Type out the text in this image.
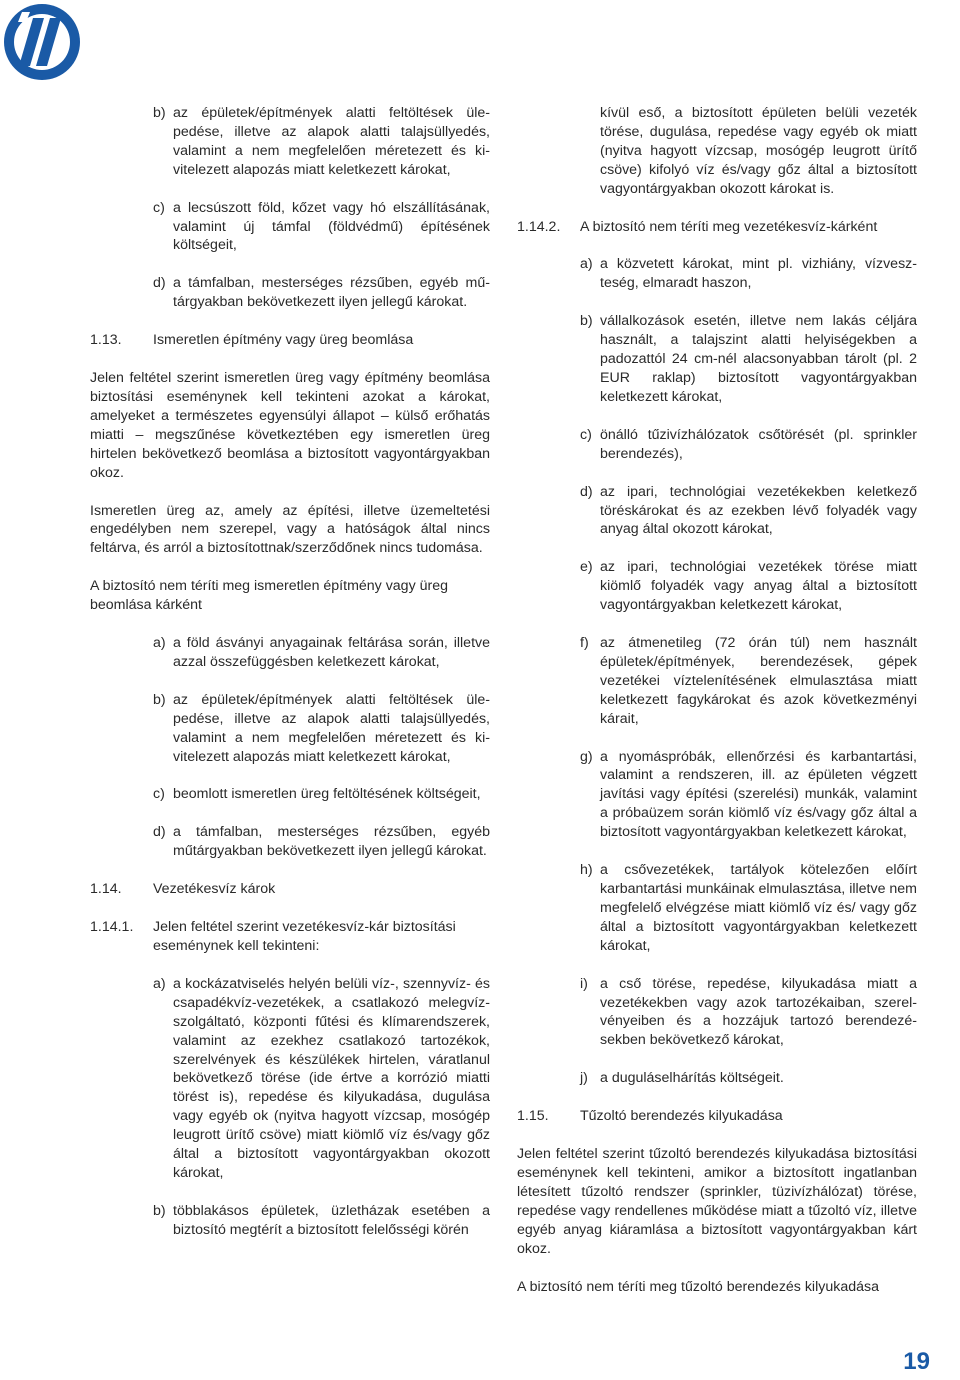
b) az épületek/építmények alatti feltöltések ülepedése, illetve az alapok alatti talajsüllyedés, valamint a nem megfelelően méretezett és kivitelezett alapozás miatt keletkezett károkat,
c) a lecsúszott föld, kőzet vagy hó elszállításának, valamint új támfal (földvédmű) építésének költségeit,
d) a támfalban, mesterséges rézsűben, egyéb műtárgyakban bekövetkezett ilyen jellegű károkat.
1.13.	Ismeretlen építmény vagy üreg beomlása

Jelen feltétel szerint ismeretlen üreg vagy építmény beomlása biztosítási eseménynek kell tekinteni azokat a károkat, amelyeket a természetes egyensúlyi állapot – külső erőhatás miatti – megszűnése következtében egy ismeretlen üreg hirtelen bekövetkező beomlása a biztosított vagyontárgyakban okoz.

Ismeretlen üreg az, amely az építési, illetve üzemeltetési engedélyben nem szerepel, vagy a hatóságok által nincs feltárva, és arról a biztosítottnak/szerződőnek nincs tudomása.

A biztosító nem téríti meg ismeretlen építmény vagy üreg beomlása kárként

a) a föld ásványi anyagainak feltárása során, illetve azzal összefüggésben keletkezett károkat,
b) az épületek/építmények alatti feltöltések ülepedése, illetve az alapok alatti talajsüllyedés, valamint a nem megfelelően méretezett és kivitelezett alapozás miatt keletkezett károkat,
c) beomlott ismeretlen üreg feltöltésének költségeit,
d) a támfalban, mesterséges rézsűben, egyéb műtárgyakban bekövetkezett ilyen jellegű károkat.
1.14.	Vezetékesvíz károk
1.14.1.	Jelen feltétel szerint vezetékesvíz-kár biztosítási eseménynek kell tekinteni:
a) a kockázatviselés helyén belüli víz-, szennyvíz- és csapadékvíz-vezetékek, a csatlakozó melegvíz-szolgáltató, központi fűtési és klímarendszerek, valamint az ezekhez csatlakozó tartozékok, szerelvények és készülékek hirtelen, váratlanul bekövetkező törése (ide értve a korrózió miatti törést is), repedése és kilyukadása, dugulása vagy egyéb ok (nyitva hagyott vízcsap, mosógép leugrott ürítő csöve) miatt kiömlő víz és/vagy gőz által a biztosított vagyontárgyakban okozott károkat,
b) többlakásos épületek, üzletházak esetében a biztosító megtérít a biztosított felelősségi körén

kívül eső, a biztosított épületen belüli vezeték törése, dugulása, repedése vagy egyéb ok miatt (nyitva hagyott vízcsap, mosógép leugrott ürítő csöve) kifolyó víz és/vagy gőz által a biztosított vagyontárgyakban okozott károkat is.

1.14.2.	A biztosító nem téríti meg vezetékesvíz-kárként
a) a közvetett károkat, mint pl. vizhiány, vízveszteség, elmaradt haszon,
b) vállalkozások esetén, illetve nem lakás céljára használt, a talajszint alatti helyiségekben a padozattól 24 cm-nél alacsonyabban tárolt (pl. 2 EUR raklap) biztosított vagyontárgyakban keletkezett károkat,
c) önálló tűzivízhálózatok csőtörését (pl. sprinkler berendezés),
d) az ipari, technológiai vezetékekben keletkező töréskárokat és az ezekben lévő folyadék vagy anyag által okozott károkat,
e) az ipari, technológiai vezetékek törése miatt kiömlő folyadék vagy anyag által a biztosított vagyontárgyakban keletkezett károkat,
f) az átmenetileg (72 órán túl) nem használt épületek/építmények, berendezések, gépek vezetékei víztelenítésének elmulasztása miatt keletkezett fagykárokat és azok következményi kárait,
g) a nyomáspróbák, ellenőrzési és karbantartási, valamint a rendszeren, ill. az épületen végzett javítási vagy építési (szerelési) munkák, valamint a próbaüzem során kiömlő víz és/vagy gőz által a biztosított vagyontárgyakban keletkezett károkat,
h) a csővezetékek, tartályok kötelezően előírt karbantartási munkáinak elmulasztása, illetve nem megfelelő elvégzése miatt kiömlő víz és/ vagy gőz által a biztosított vagyontárgyakban keletkezett károkat,
i) a cső törése, repedése, kilyukadása miatt a vezetékekben vagy azok tartozékaiban, szerelvényeiben és a hozzájuk tartozó berendezésekben bekövetkező károkat,
j) a duguláselhárítás költségeit.
1.15.	Tűzoltó berendezés kilyukadása

Jelen feltétel szerint tűzoltó berendezés kilyukadása biztosítási eseménynek kell tekinteni, amikor a biztosított ingatlanban létesített tűzoltó rendszer (sprinkler, tüzivízhálózat) törése, repedése vagy rendellenes működése miatt a tűzoltó víz, illetve egyéb anyag kiáramlása a biztosított vagyontárgyakban kárt okoz.

A biztosító nem téríti meg tűzoltó berendezés kilyukadása

19
